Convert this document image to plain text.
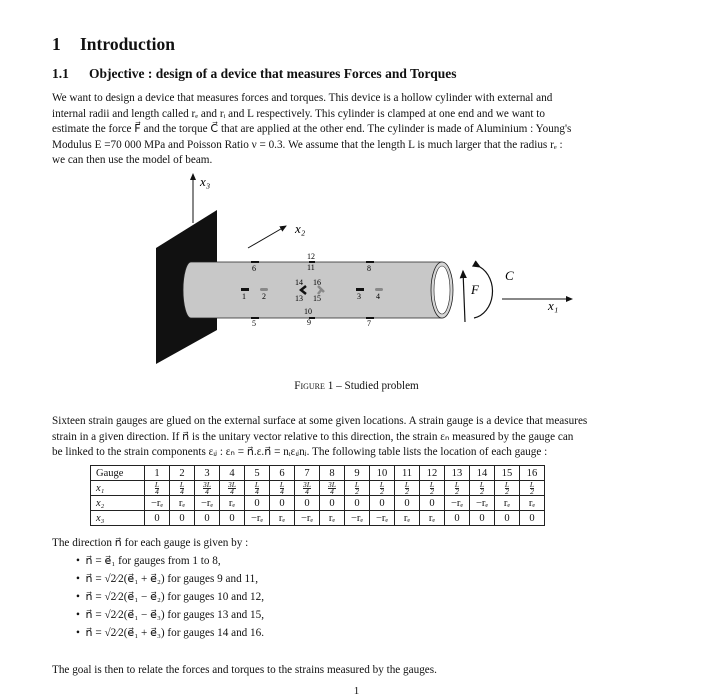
1 Introduction
1.1 Objective : design of a device that measures Forces and Torques
We want to design a device that measures forces and torques. This device is a hollow cylinder with external and
internal radii and length called rₑ and rᵢ and L respectively. This cylinder is clamped at one end and we want to
estimate the force F⃗ and the torque C⃗ that are applied at the other end. The cylinder is made of Aluminium : Young's
Modulus E =70 000 MPa and Poisson Ratio ν = 0.3. We assume that the length L is much larger that the radius rₑ :
we can then use the model of beam.
x₃
x₂
1 2	3 4
5
6
7
8
9
10
11
12
13
14
15
16	F⃗
C⃗
x₁
Figure 1 – Studied problem
Sixteen strain gauges are glued on the external surface at some given locations. A strain gauge is a device that measures
strain in a given direction. If n⃗ is the unitary vector relative to this direction, the strain εₙ measured by the gauge can
be linked to the strain components εᵢⱼ : εₙ = n⃗.ε.n⃗ = nᵢεᵢⱼnⱼ. The following table lists the location of each gauge :
Gauge	1	2	3	4	5	6	7	8	9	10	11	12	13	14	15	16
x₁	$\frac{L}{4}$	$\frac{L}{4}$	$\frac{3L}{4}$	$\frac{3L}{4}$	$\frac{L}{4}$	$\frac{L}{4}$	$\frac{3L}{4}$	$\frac{3L}{4}$	$\frac{L}{2}$	$\frac{L}{2}$	$\frac{L}{2}$	$\frac{L}{2}$	$\frac{L}{2}$	$\frac{L}{2}$	$\frac{L}{2}$	$\frac{L}{2}$

x₂	−rₑ	rₑ	−rₑ	rₑ	0	0	0	0	0	0	0	0	−rₑ	−rₑ	rₑ	rₑ
x₃	0	0	0	0	−rₑ	rₑ	−rₑ	rₑ	−rₑ	−rₑ	rₑ	rₑ	0	0	0	0
The direction n⃗ for each gauge is given by :
• n⃗ = e⃗₁ for gauges from 1 to 8,
• n⃗ = √2⁄2(e⃗₁ + e⃗₂) for gauges 9 and 11,
• n⃗ = √2⁄2(e⃗₁ − e⃗₂) for gauges 10 and 12,
• n⃗ = √2⁄2(e⃗₁ − e⃗₃) for gauges 13 and 15,
• n⃗ = √2⁄2(e⃗₁ + e⃗₃) for gauges 14 and 16.
The goal is then to relate the forces and torques to the strains measured by the gauges.
1
